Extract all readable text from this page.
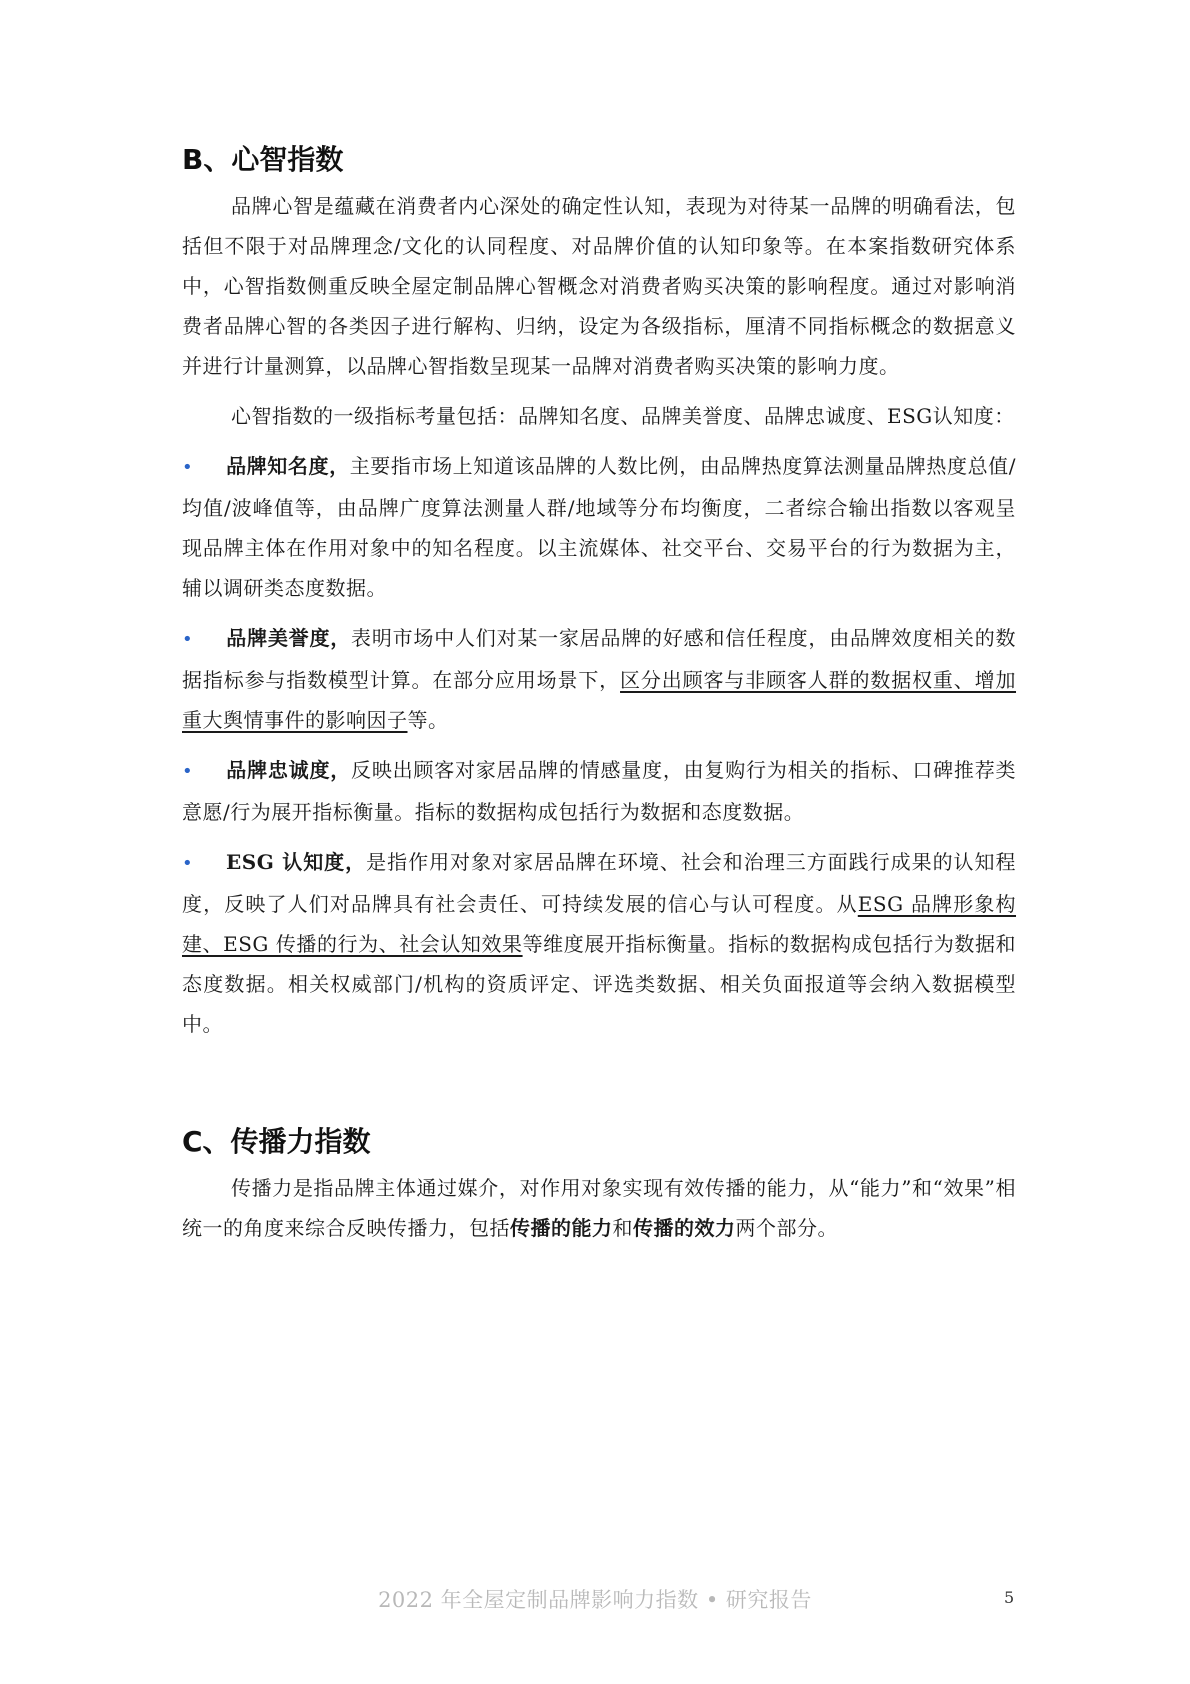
B、心智指数

品牌心智是蕴藏在消费者内心深处的确定性认知，表现为对待某一品牌的明确看法，包括但不限于对品牌理念/文化的认同程度、对品牌价值的认知印象等。在本案指数研究体系中，心智指数侧重反映全屋定制品牌心智概念对消费者购买决策的影响程度。通过对影响消费者品牌心智的各类因子进行解构、归纳，设定为各级指标，厘清不同指标概念的数据意义并进行计量测算，以品牌心智指数呈现某一品牌对消费者购买决策的影响力度。

心智指数的一级指标考量包括：品牌知名度、品牌美誉度、品牌忠诚度、ESG认知度：

• 品牌知名度，主要指市场上知道该品牌的人数比例，由品牌热度算法测量品牌热度总值/均值/波峰值等，由品牌广度算法测量人群/地域等分布均衡度，二者综合输出指数以客观呈现品牌主体在作用对象中的知名程度。以主流媒体、社交平台、交易平台的行为数据为主，辅以调研类态度数据。

• 品牌美誉度，表明市场中人们对某一家居品牌的好感和信任程度，由品牌效度相关的数据指标参与指数模型计算。在部分应用场景下，区分出顾客与非顾客人群的数据权重、增加重大舆情事件的影响因子等。

• 品牌忠诚度，反映出顾客对家居品牌的情感量度，由复购行为相关的指标、口碑推荐类意愿/行为展开指标衡量。指标的数据构成包括行为数据和态度数据。

• ESG 认知度，是指作用对象对家居品牌在环境、社会和治理三方面践行成果的认知程度，反映了人们对品牌具有社会责任、可持续发展的信心与认可程度。从ESG 品牌形象构建、ESG 传播的行为、社会认知效果等维度展开指标衡量。指标的数据构成包括行为数据和态度数据。相关权威部门/机构的资质评定、评选类数据、相关负面报道等会纳入数据模型中。

C、传播力指数

传播力是指品牌主体通过媒介，对作用对象实现有效传播的能力，从“能力”和“效果”相统一的角度来综合反映传播力，包括传播的能力和传播的效力两个部分。

2022 年全屋定制品牌影响力指数 • 研究报告	5
